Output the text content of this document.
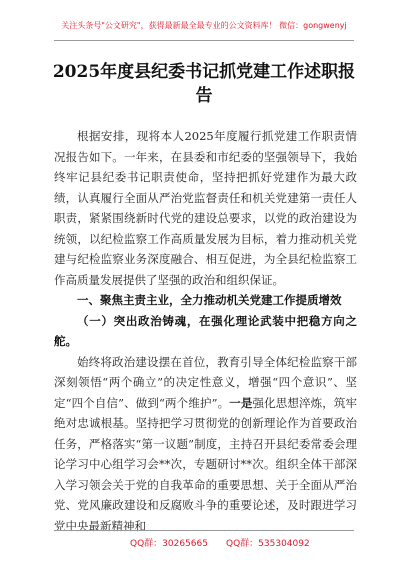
关注头条号"公文研究"，获得最新最全最专业的公文资料库！ 微信：gongwenyj
2025年度县纪委书记抓党建工作述职报告

根据安排，现将本人2025年度履行抓党建工作职责情况报告如下。一年来，在县委和市纪委的坚强领导下，我始终牢记县纪委书记职责使命，坚持把抓好党建作为最大政绩，认真履行全面从严治党监督责任和机关党建第一责任人职责，紧紧围绕新时代党的建设总要求，以党的政治建设为统领，以纪检监察工作高质量发展为目标，着力推动机关党建与纪检监察业务深度融合、相互促进，为全县纪检监察工作高质量发展提供了坚强的政治和组织保证。

一、聚焦主责主业，全力推动机关党建工作提质增效

（一）突出政治铸魂，在强化理论武装中把稳方向之舵。

始终将政治建设摆在首位，教育引导全体纪检监察干部深刻领悟“两个确立”的决定性意义，增强“四个意识”、坚定“四个自信”、做到“两个维护”。一是强化思想淬炼，筑牢绝对忠诚根基。坚持把学习贯彻党的创新理论作为首要政治任务，严格落实“第一议题”制度，主持召开县纪委常委会理论学习中心组学习会**次，专题研讨**次。组织全体干部深入学习领会关于党的自我革命的重要思想、关于全面从严治党、党风廉政建设和反腐败斗争的重要论述，及时跟进学习党中央最新精神和

QQ群：30265665 QQ群：535304092
